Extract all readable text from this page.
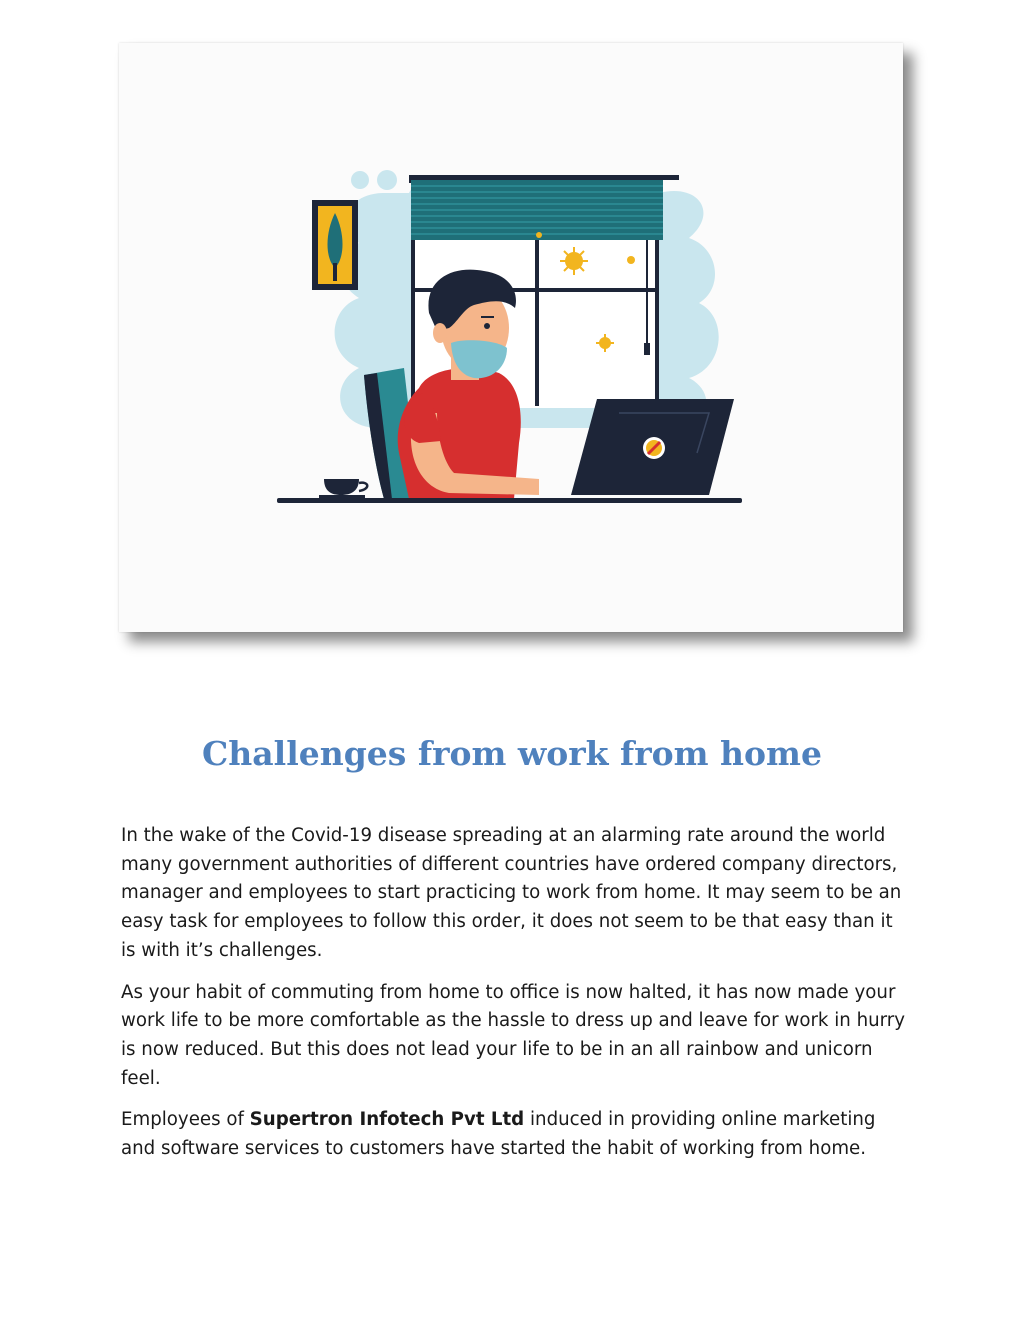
Challenges from work from home

In the wake of the Covid-19 disease spreading at an alarming rate around the world many government authorities of different countries have ordered company directors, manager and employees to start practicing to work from home. It may seem to be an easy task for employees to follow this order, it does not seem to be that easy than it is with it’s challenges.

As your habit of commuting from home to office is now halted, it has now made your work life to be more comfortable as the hassle to dress up and leave for work in hurry is now reduced. But this does not lead your life to be in an all rainbow and unicorn feel.

Employees of Supertron Infotech Pvt Ltd induced in providing online marketing and software services to customers have started the habit of working from home.
